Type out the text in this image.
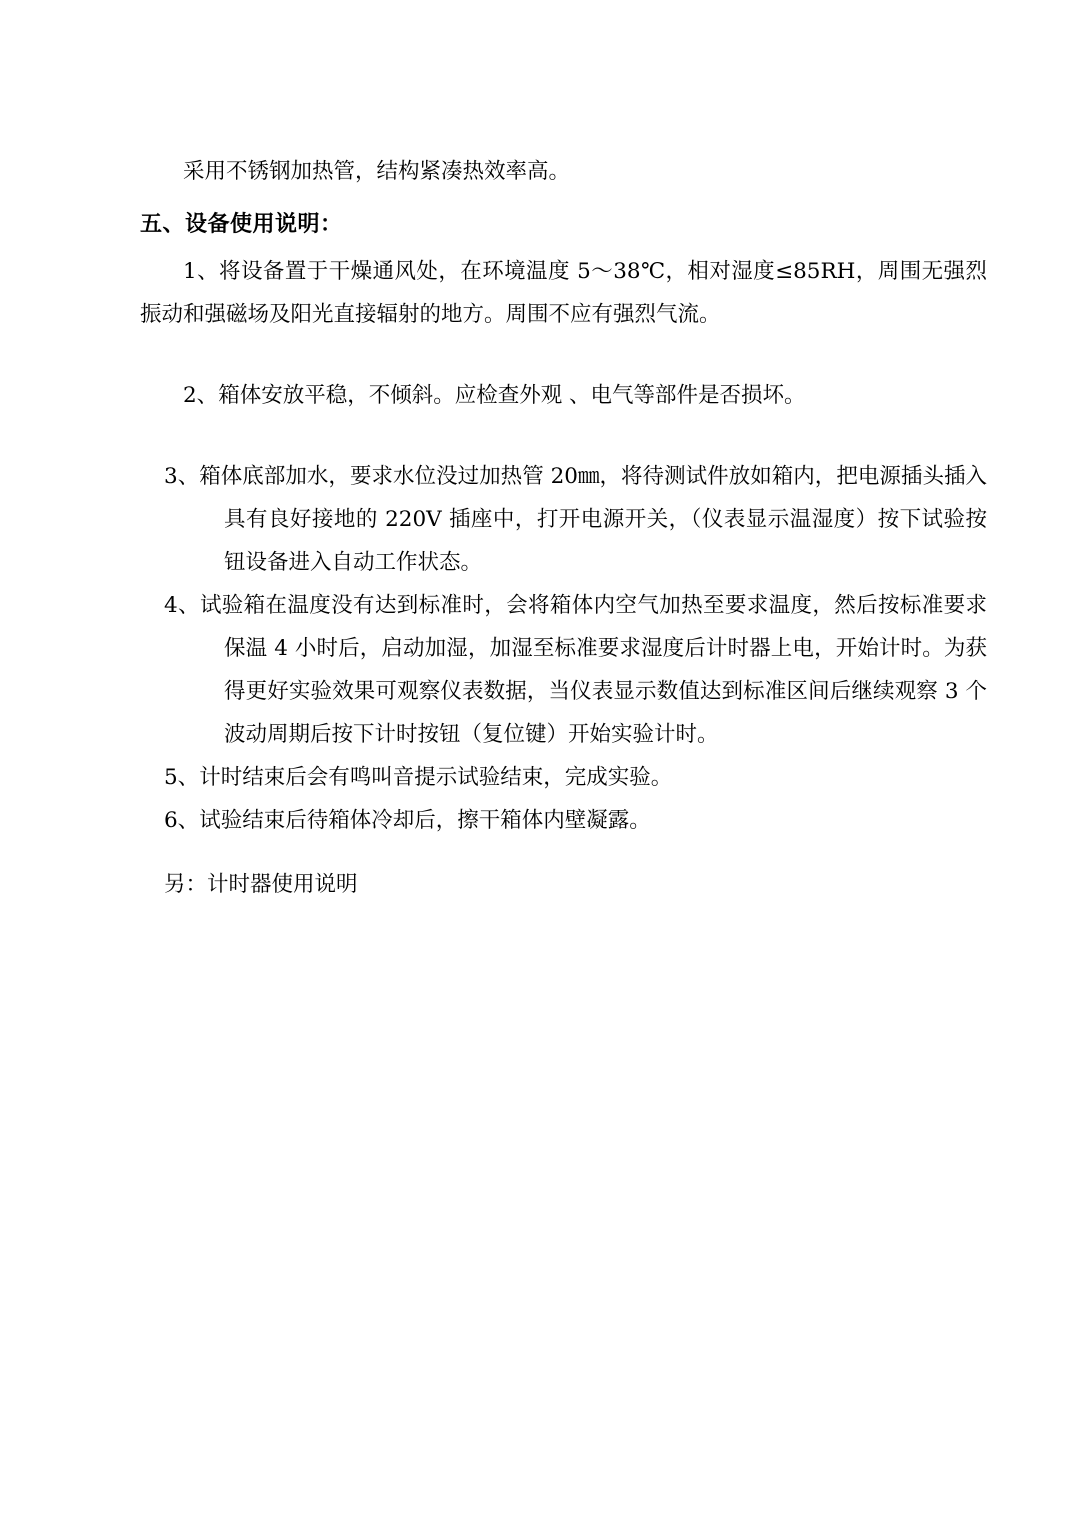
采用不锈钢加热管，结构紧凑热效率高。

五、设备使用说明：

1、将设备置于干燥通风处，在环境温度 5～38℃，相对湿度≤85RH，周围无强烈振动和强磁场及阳光直接辐射的地方。周围不应有强烈气流。

2、箱体安放平稳，不倾斜。应检查外观 、电气等部件是否损坏。

3、箱体底部加水，要求水位没过加热管 20㎜，将待测试件放如箱内，把电源插头插入具有良好接地的 220V 插座中，打开电源开关，（仪表显示温湿度）按下试验按钮设备进入自动工作状态。

4、试验箱在温度没有达到标准时，会将箱体内空气加热至要求温度，然后按标准要求保温 4 小时后，启动加湿，加湿至标准要求湿度后计时器上电，开始计时。为获得更好实验效果可观察仪表数据，当仪表显示数值达到标准区间后继续观察 3 个波动周期后按下计时按钮（复位键）开始实验计时。

5、计时结束后会有鸣叫音提示试验结束，完成实验。

6、试验结束后待箱体冷却后，擦干箱体内壁凝露。

另：计时器使用说明
